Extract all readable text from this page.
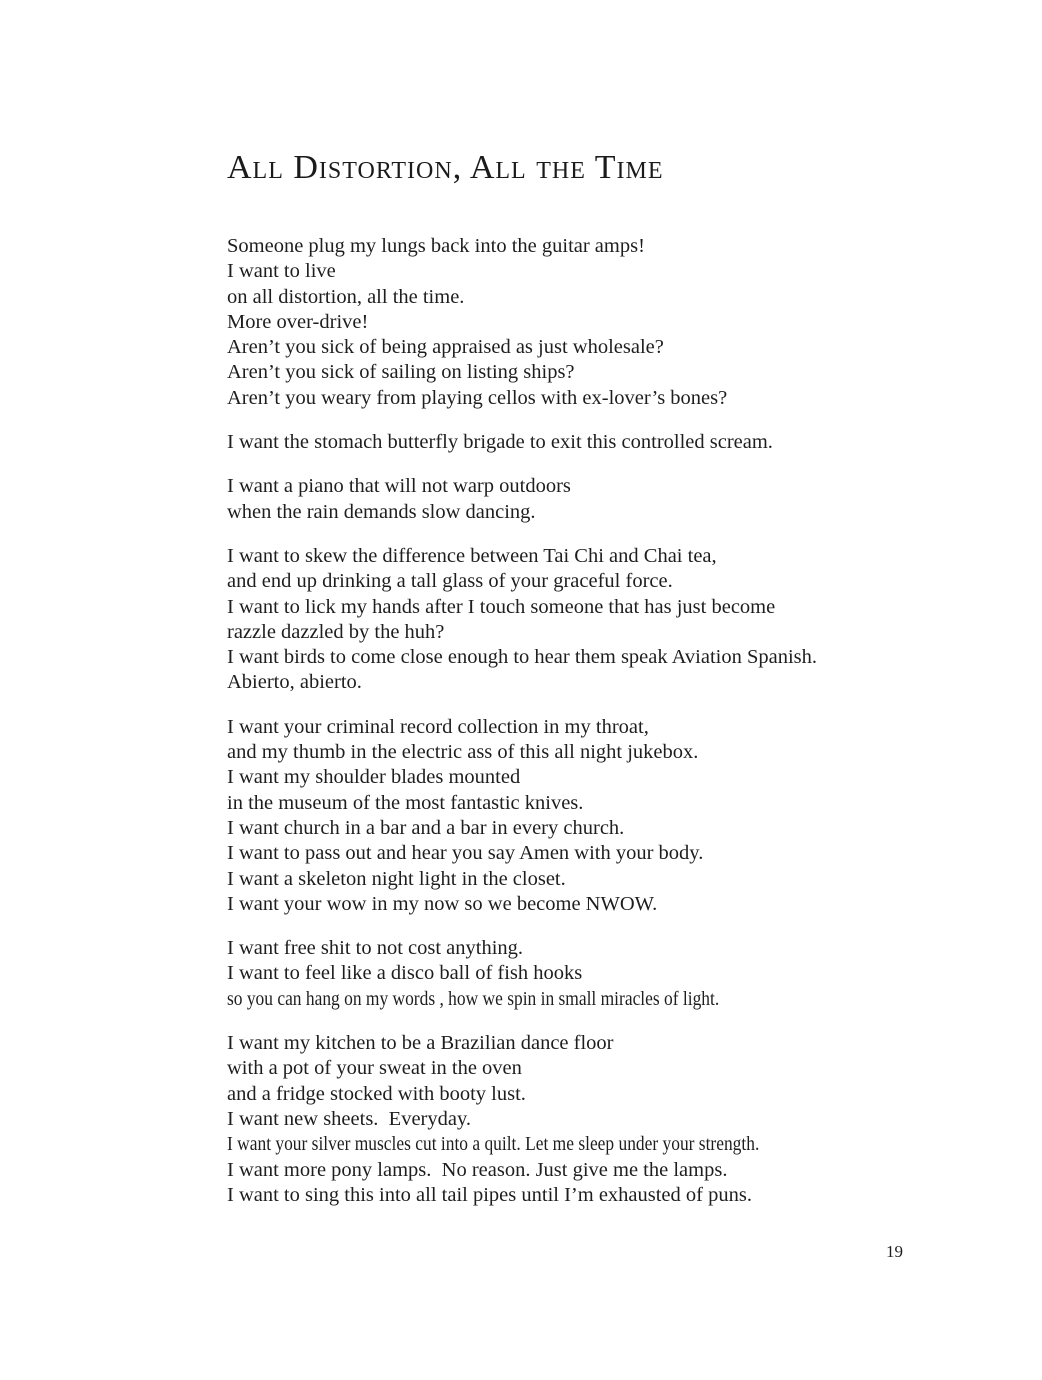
All Distortion, All the Time
Someone plug my lungs back into the guitar amps!
I want to live
on all distortion, all the time.
More over-drive!
Aren’t you sick of being appraised as just wholesale?
Aren’t you sick of sailing on listing ships?
Aren’t you weary from playing cellos with ex-lover’s bones?
I want the stomach butterfly brigade to exit this controlled scream.
I want a piano that will not warp outdoors
when the rain demands slow dancing.
I want to skew the difference between Tai Chi and Chai tea,
and end up drinking a tall glass of your graceful force.
I want to lick my hands after I touch someone that has just become
razzle dazzled by the huh?
I want birds to come close enough to hear them speak Aviation Spanish.
Abierto, abierto.
I want your criminal record collection in my throat,
and my thumb in the electric ass of this all night jukebox.
I want my shoulder blades mounted
in the museum of the most fantastic knives.
I want church in a bar and a bar in every church.
I want to pass out and hear you say Amen with your body.
I want a skeleton night light in the closet.
I want your wow in my now so we become NWOW.
I want free shit to not cost anything.
I want to feel like a disco ball of fish hooks
so you can hang on my words , how we spin in small miracles of light.
I want my kitchen to be a Brazilian dance floor
with a pot of your sweat in the oven
and a fridge stocked with booty lust.
I want new sheets.  Everyday.
I want your silver muscles cut into a quilt. Let me sleep under your strength.
I want more pony lamps.  No reason. Just give me the lamps.
I want to sing this into all tail pipes until I’m exhausted of puns.
19
